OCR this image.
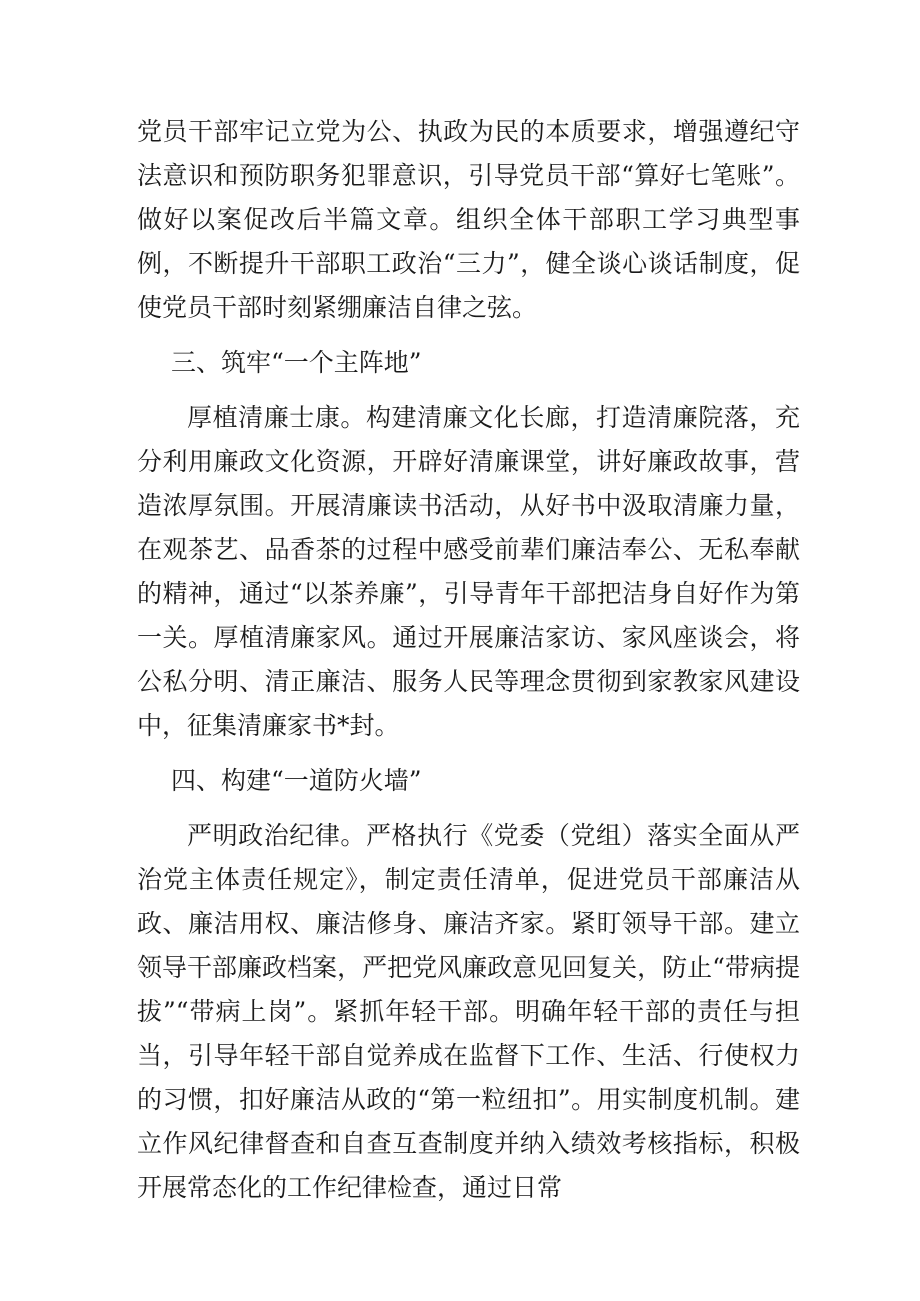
党员干部牢记立党为公、执政为民的本质要求，增强遵纪守法意识和预防职务犯罪意识，引导党员干部“算好七笔账”。做好以案促改后半篇文章。组织全体干部职工学习典型事例，不断提升干部职工政治“三力”，健全谈心谈话制度，促使党员干部时刻紧绷廉洁自律之弦。

三、筑牢“一个主阵地”

厚植清廉士康。构建清廉文化长廊，打造清廉院落，充分利用廉政文化资源，开辟好清廉课堂，讲好廉政故事，营造浓厚氛围。开展清廉读书活动，从好书中汲取清廉力量，在观茶艺、品香茶的过程中感受前辈们廉洁奉公、无私奉献的精神，通过“以茶养廉”，引导青年干部把洁身自好作为第一关。厚植清廉家风。通过开展廉洁家访、家风座谈会，将公私分明、清正廉洁、服务人民等理念贯彻到家教家风建设中，征集清廉家书*封。

四、构建“一道防火墙”

严明政治纪律。严格执行《党委（党组）落实全面从严治党主体责任规定》，制定责任清单，促进党员干部廉洁从政、廉洁用权、廉洁修身、廉洁齐家。紧盯领导干部。建立领导干部廉政档案，严把党风廉政意见回复关，防止“带病提拔”“带病上岗”。紧抓年轻干部。明确年轻干部的责任与担当，引导年轻干部自觉养成在监督下工作、生活、行使权力的习惯，扣好廉洁从政的“第一粒纽扣”。用实制度机制。建立作风纪律督查和自查互查制度并纳入绩效考核指标，积极开展常态化的工作纪律检查，通过日常
